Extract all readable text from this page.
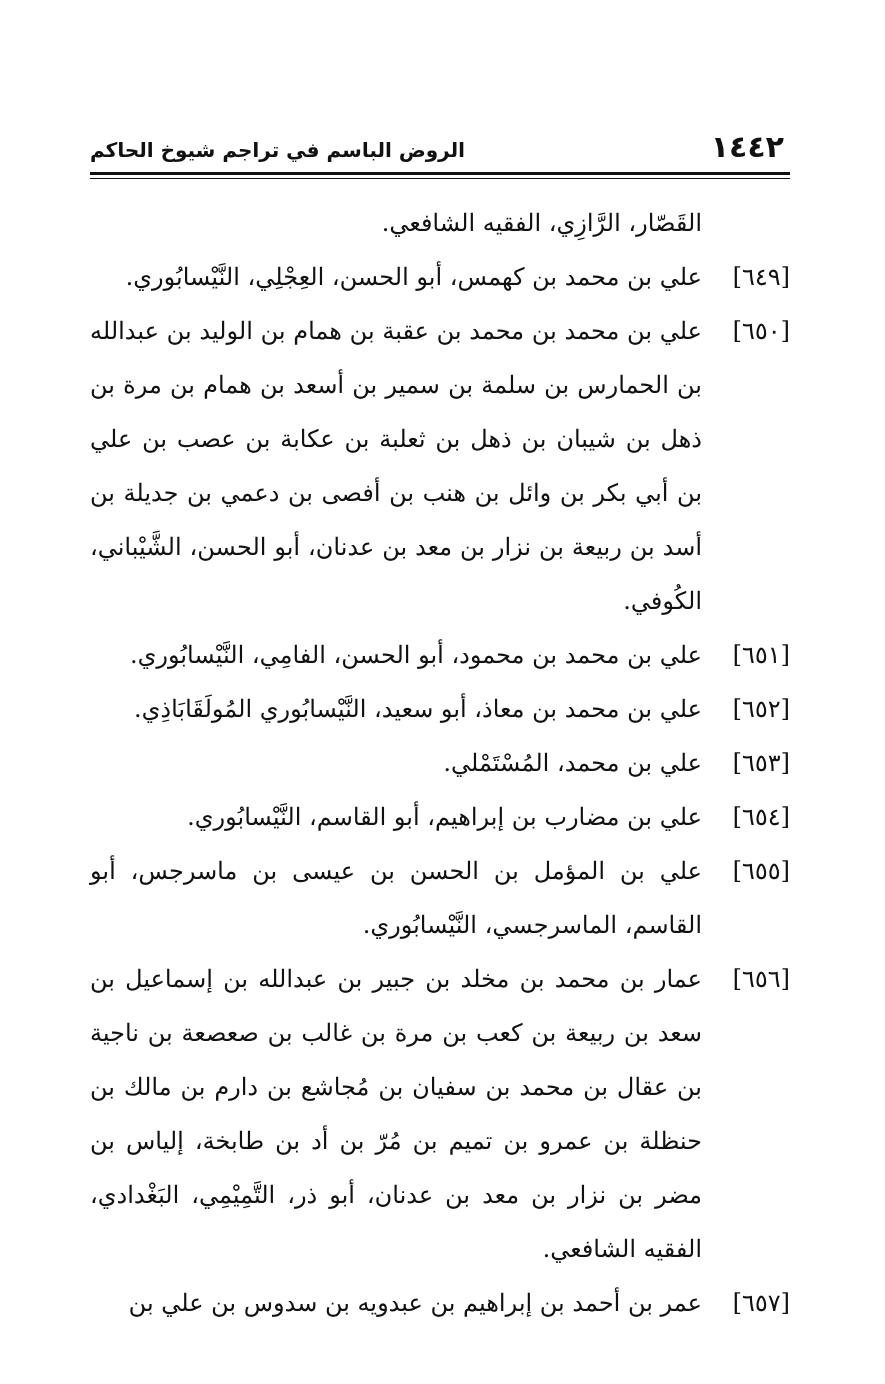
١٤٤٢
الروض الباسم في تراجم شيوخ الحاكم

القَصّار، الرَّازِي، الفقيه الشافعي.

[٦٤٩]علي بن محمد بن كهمس، أبو الحسن، العِجْلِي، النَّيْسابُوري.

[٦٥٠]علي بن محمد بن محمد بن عقبة بن همام بن الوليد بن عبدالله بن الحمارس بن سلمة بن سمير بن أسعد بن همام بن مرة بن ذهل بن شيبان بن ذهل بن ثعلبة بن عكابة بن عصب بن علي بن أبي بكر بن وائل بن هنب بن أفصى بن دعمي بن جديلة بن أسد بن ربيعة بن نزار بن معد بن عدنان، أبو الحسن، الشَّيْباني، الكُوفي.

[٦٥١]علي بن محمد بن محمود، أبو الحسن، الفامِي، النَّيْسابُوري.

[٦٥٢]علي بن محمد بن معاذ، أبو سعيد، النَّيْسابُوري المُولَقَابَاذِي.

[٦٥٣]علي بن محمد، المُسْتَمْلي.

[٦٥٤]علي بن مضارب بن إبراهيم، أبو القاسم، النَّيْسابُوري.

[٦٥٥]علي بن المؤمل بن الحسن بن عيسى بن ماسرجس، أبو القاسم، الماسرجسي، النَّيْسابُوري.

[٦٥٦]عمار بن محمد بن مخلد بن جبير بن عبدالله بن إسماعيل بن سعد بن ربيعة بن كعب بن مرة بن غالب بن صعصعة بن ناجية بن عقال بن محمد بن سفيان بن مُجاشع بن دارم بن مالك بن حنظلة بن عمرو بن تميم بن مُرّ بن أد بن طابخة، إلياس بن مضر بن نزار بن معد بن عدنان، أبو ذر، التَّمِيْمِي، البَغْدادي، الفقيه الشافعي.

[٦٥٧]عمر بن أحمد بن إبراهيم بن عبدويه بن سدوس بن علي بن
